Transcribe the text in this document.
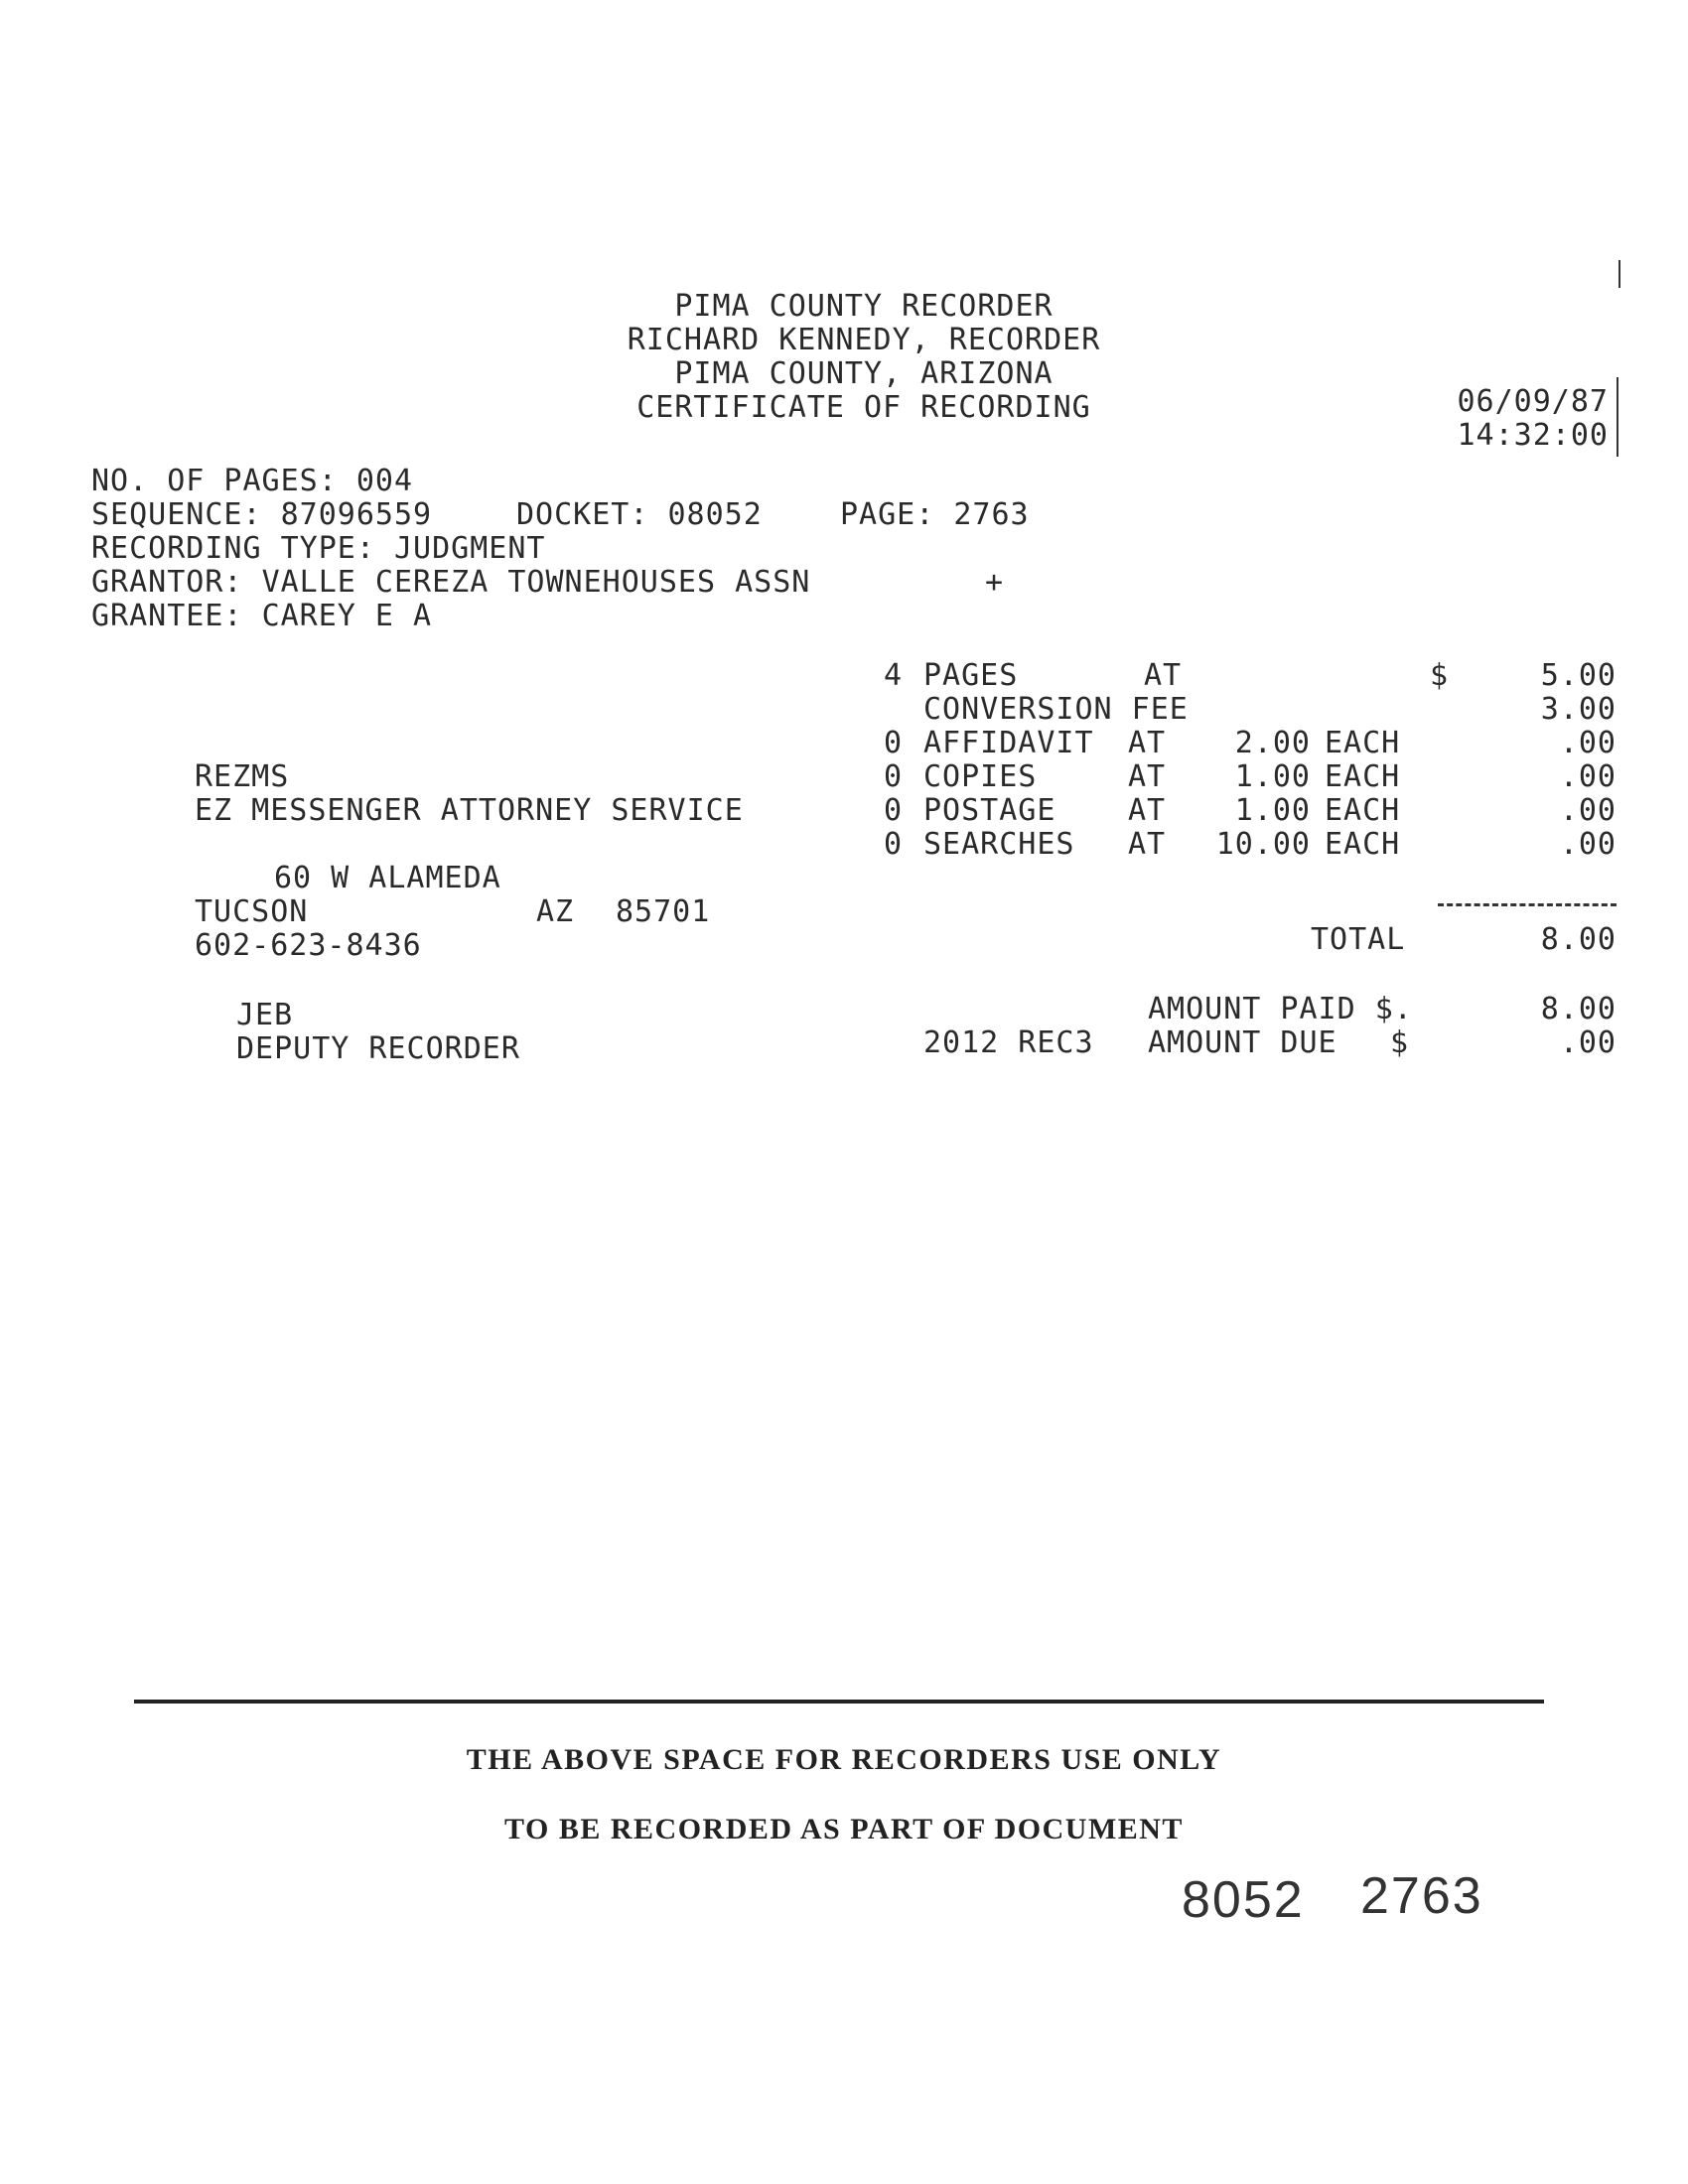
PIMA COUNTY RECORDER
RICHARD KENNEDY, RECORDER
PIMA COUNTY, ARIZONA
CERTIFICATE OF RECORDING	06/09/87
14:32:00
NO. OF PAGES: 004
SEQUENCE: 87096559	DOCKET: 08052	PAGE: 2763
RECORDING TYPE: JUDGMENT
GRANTOR: VALLE CEREZA TOWNEHOUSES ASSN	+
GRANTEE: CAREY E A
4 PAGES	AT	$	5.00
CONVERSION FEE	3.00
0 AFFIDAVIT AT	2.00 EACH	.00
0 COPIES	AT	1.00 EACH	.00
0 POSTAGE AT	1.00 EACH	.00
0 SEARCHES AT	10.00 EACH	.00
TOTAL	8.00
AMOUNT PAID $.	8.00
2012 REC3 AMOUNT DUE $	.00
REZMS
EZ MESSENGER ATTORNEY SERVICE
60 W ALAMEDA
TUCSON	AZ 85701
602-623-8436
JEB
DEPUTY RECORDER
THE ABOVE SPACE FOR RECORDERS USE ONLY
TO BE RECORDED AS PART OF DOCUMENT
8052 2763
